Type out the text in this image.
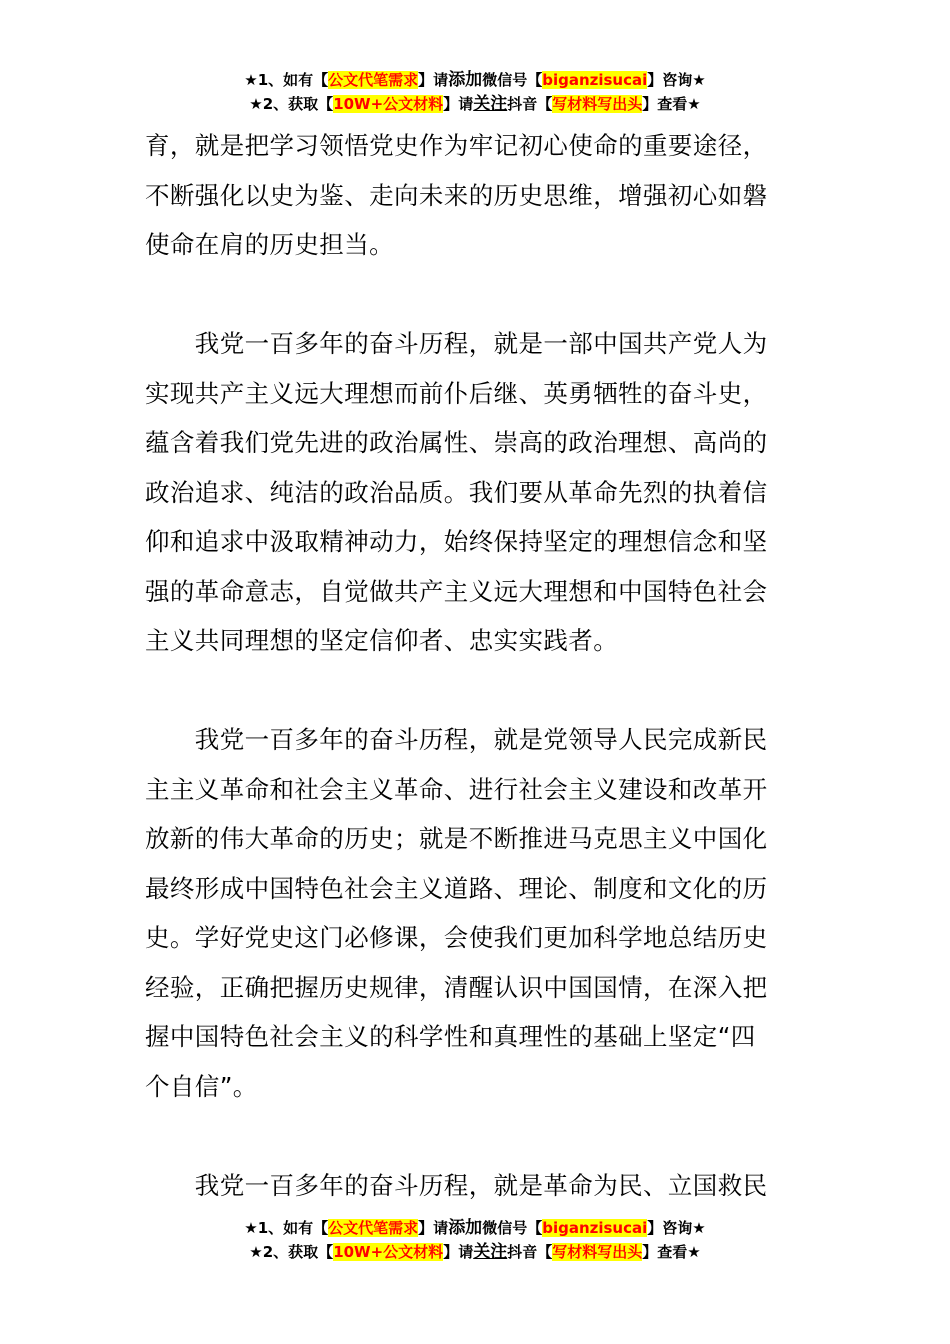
★1、如有【公文代笔需求】请添加微信号【biganzisucai】咨询★
★2、获取【10W+公文材料】请关注抖音【写材料写出头】查看★
育，就是把学习领悟党史作为牢记初心使命的重要途径，
不断强化以史为鉴、走向未来的历史思维，增强初心如磐
使命在肩的历史担当。
　　我党一百多年的奋斗历程，就是一部中国共产党人为
实现共产主义远大理想而前仆后继、英勇牺牲的奋斗史，
蕴含着我们党先进的政治属性、崇高的政治理想、高尚的
政治追求、纯洁的政治品质。我们要从革命先烈的执着信
仰和追求中汲取精神动力，始终保持坚定的理想信念和坚
强的革命意志，自觉做共产主义远大理想和中国特色社会
主义共同理想的坚定信仰者、忠实实践者。
　　我党一百多年的奋斗历程，就是党领导人民完成新民
主主义革命和社会主义革命、进行社会主义建设和改革开
放新的伟大革命的历史；就是不断推进马克思主义中国化
最终形成中国特色社会主义道路、理论、制度和文化的历
史。学好党史这门必修课，会使我们更加科学地总结历史
经验，正确把握历史规律，清醒认识中国国情，在深入把
握中国特色社会主义的科学性和真理性的基础上坚定“四
个自信”。
　　我党一百多年的奋斗历程，就是革命为民、立国救民
★1、如有【公文代笔需求】请添加微信号【biganzisucai】咨询★
★2、获取【10W+公文材料】请关注抖音【写材料写出头】查看★
